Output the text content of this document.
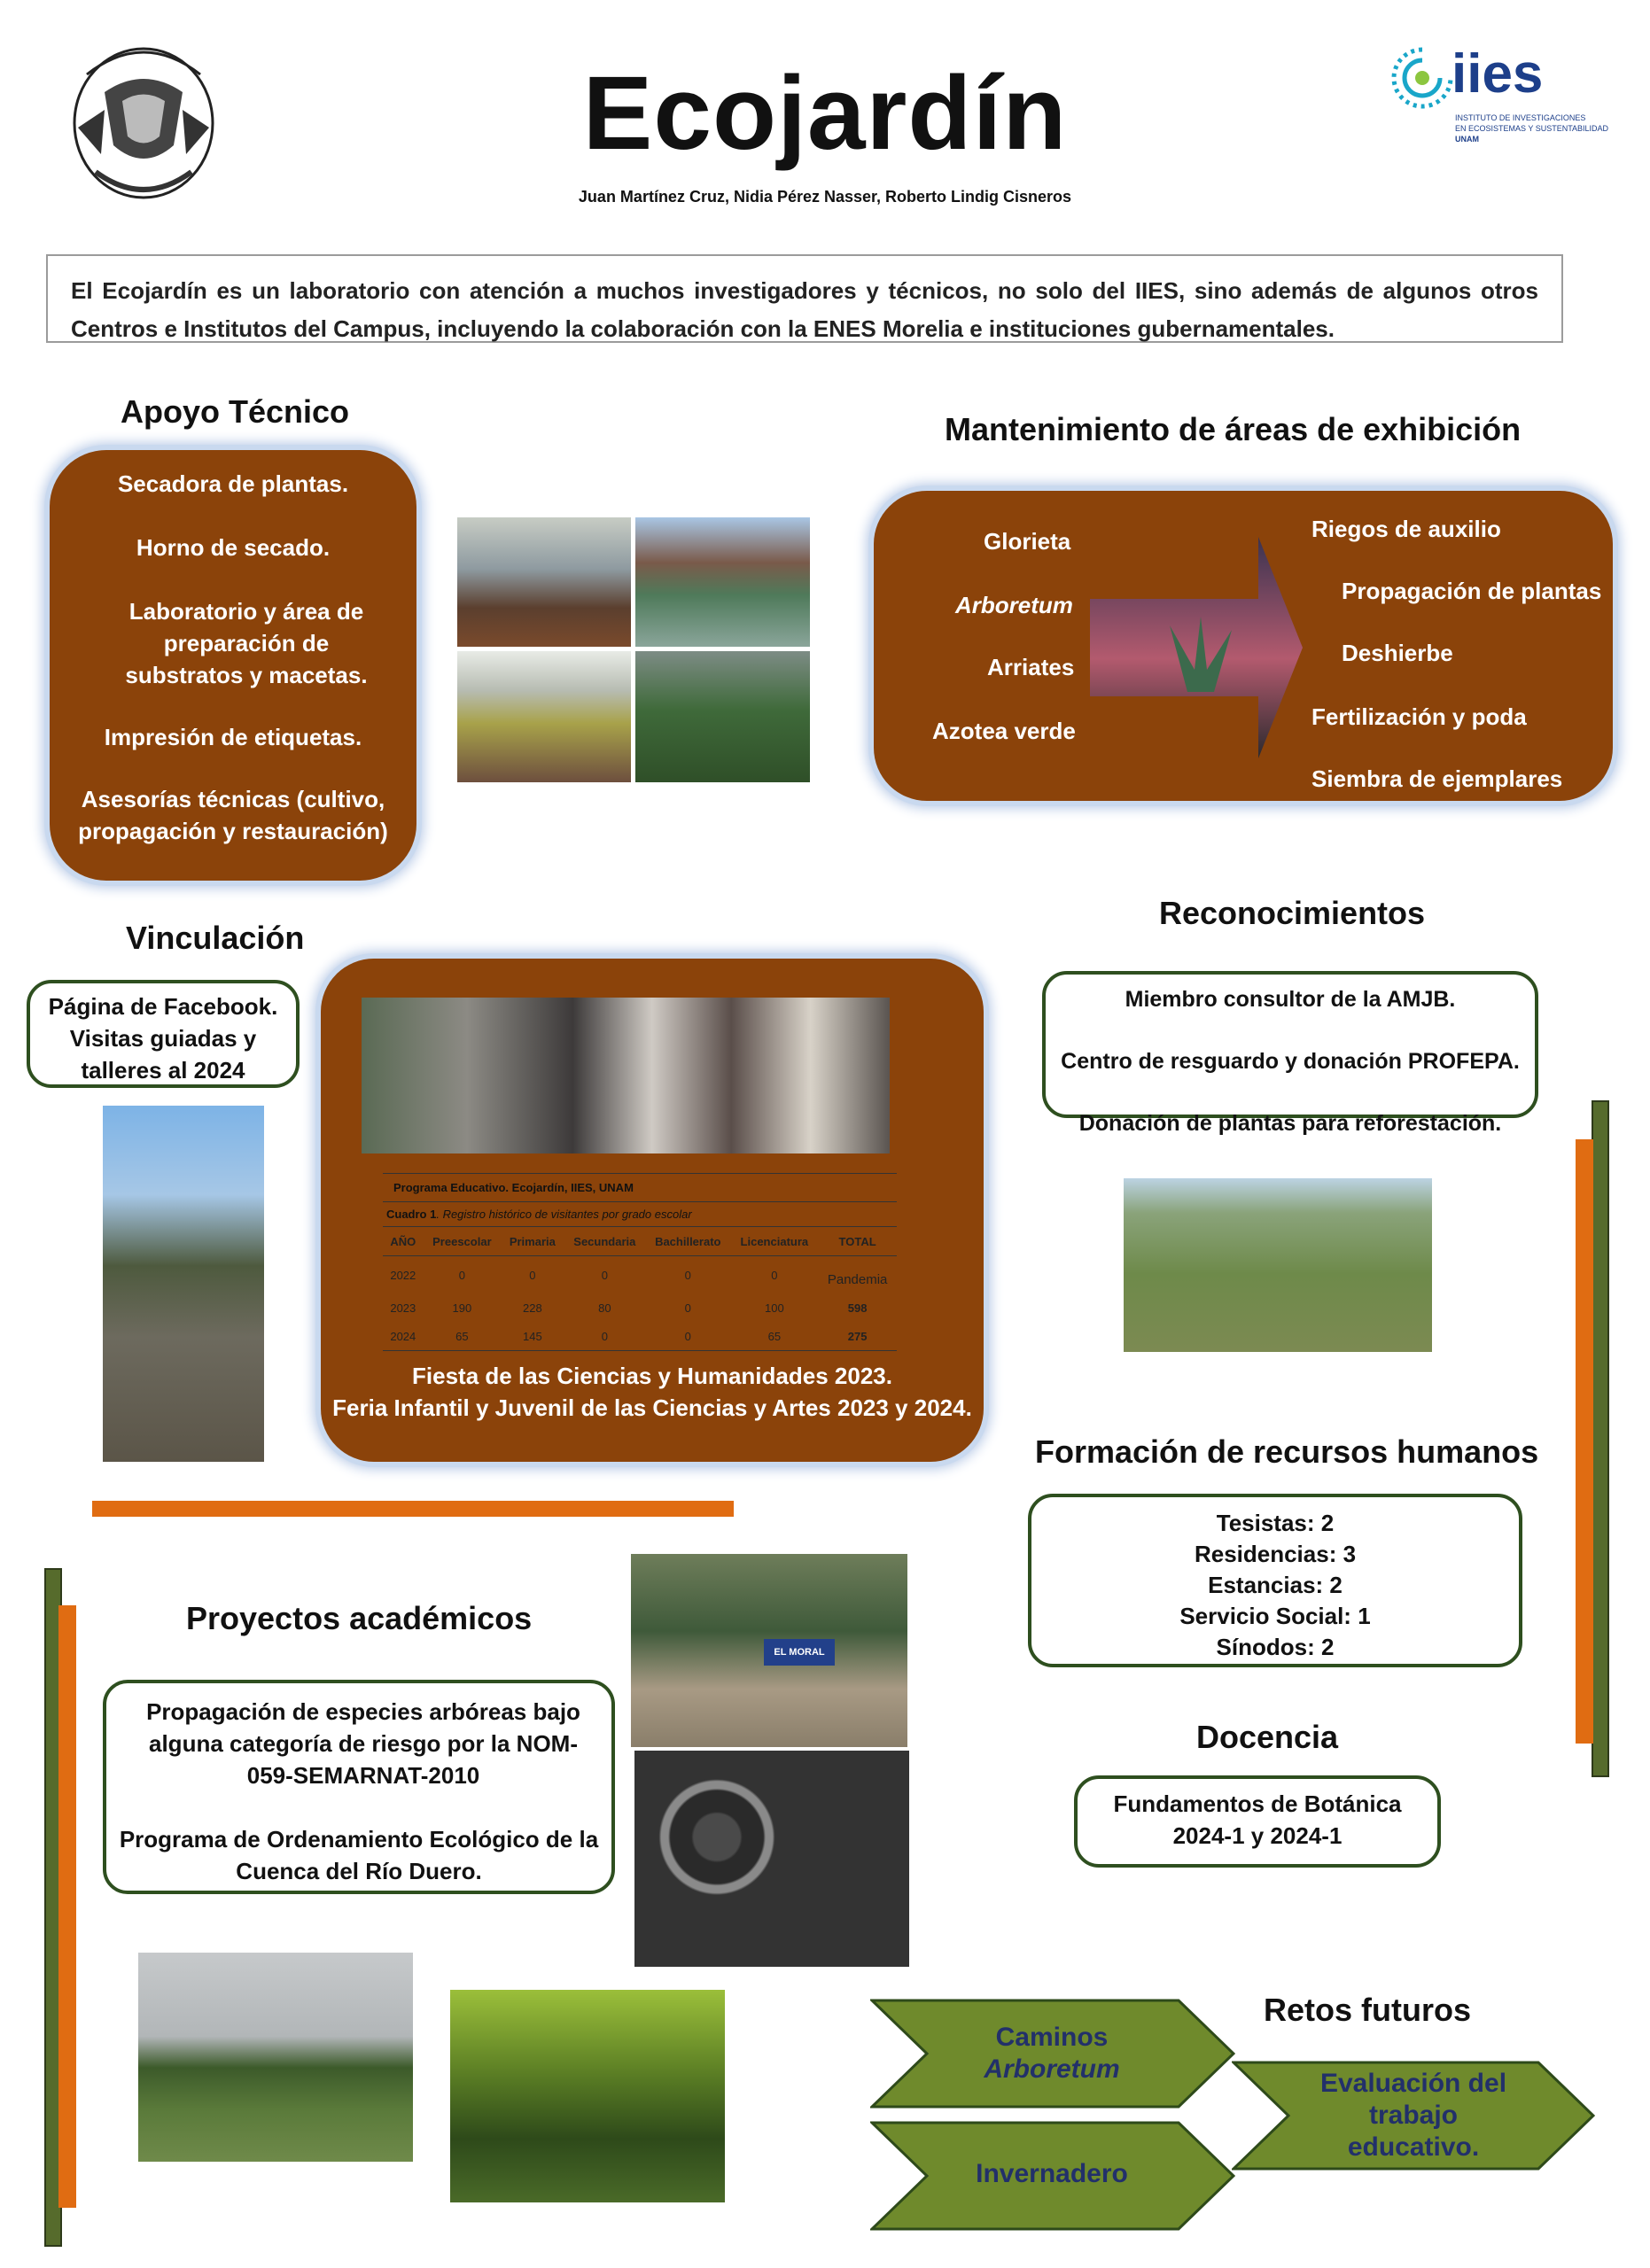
iies
INSTITUTO DE INVESTIGACIONES
EN ECOSISTEMAS Y SUSTENTABILIDAD
UNAM
Ecojardín
Juan Martínez Cruz, Nidia Pérez Nasser, Roberto Lindig Cisneros
El Ecojardín es un laboratorio con atención a muchos investigadores y técnicos, no solo del IIES, sino además de algunos otros Centros e Institutos del Campus, incluyendo la colaboración con la ENES Morelia e instituciones gubernamentales.
Apoyo Técnico
Secadora de plantas.
Horno de secado.
Laboratorio y área de preparación de substratos y macetas.
Impresión de etiquetas.
Asesorías técnicas (cultivo, propagación y restauración)
Mantenimiento de áreas de exhibición
Glorieta
Arboretum
Arriates
Azotea verde
Riegos de auxilio
Propagación de plantas
Deshierbe
Fertilización y poda
Siembra de ejemplares
Vinculación
Página de Facebook. Visitas guiadas y talleres al 2024
Programa Educativo. Ecojardín, IIES, UNAM
Cuadro 1. Registro histórico de visitantes por grado escolar
AÑO	Preescolar	Primaria	Secundaria	Bachillerato	Licenciatura	TOTAL
2022	0	0	0	0	0	Pandemia
2023	190	228	80	0	100	598
2024	65	145	0	0	65	275
Fiesta de las Ciencias y Humanidades 2023.
Feria Infantil y Juvenil de las Ciencias y Artes 2023 y 2024.
Reconocimientos
Miembro consultor de la AMJB.
Centro de resguardo y donación PROFEPA.
Donación de plantas para reforestación.
Formación de recursos humanos
Tesistas: 2
Residencias: 3
Estancias: 2
Servicio Social: 1
Sínodos: 2
Docencia
Fundamentos de Botánica
2024-1 y 2024-1
Proyectos académicos
Propagación de especies arbóreas bajo alguna categoría de riesgo por la NOM-059-SEMARNAT-2010
Programa de Ordenamiento Ecológico de la Cuenca del Río Duero.
EL MORAL
Retos futuros
Caminos
Arboretum
Invernadero
Evaluación del trabajo educativo.
